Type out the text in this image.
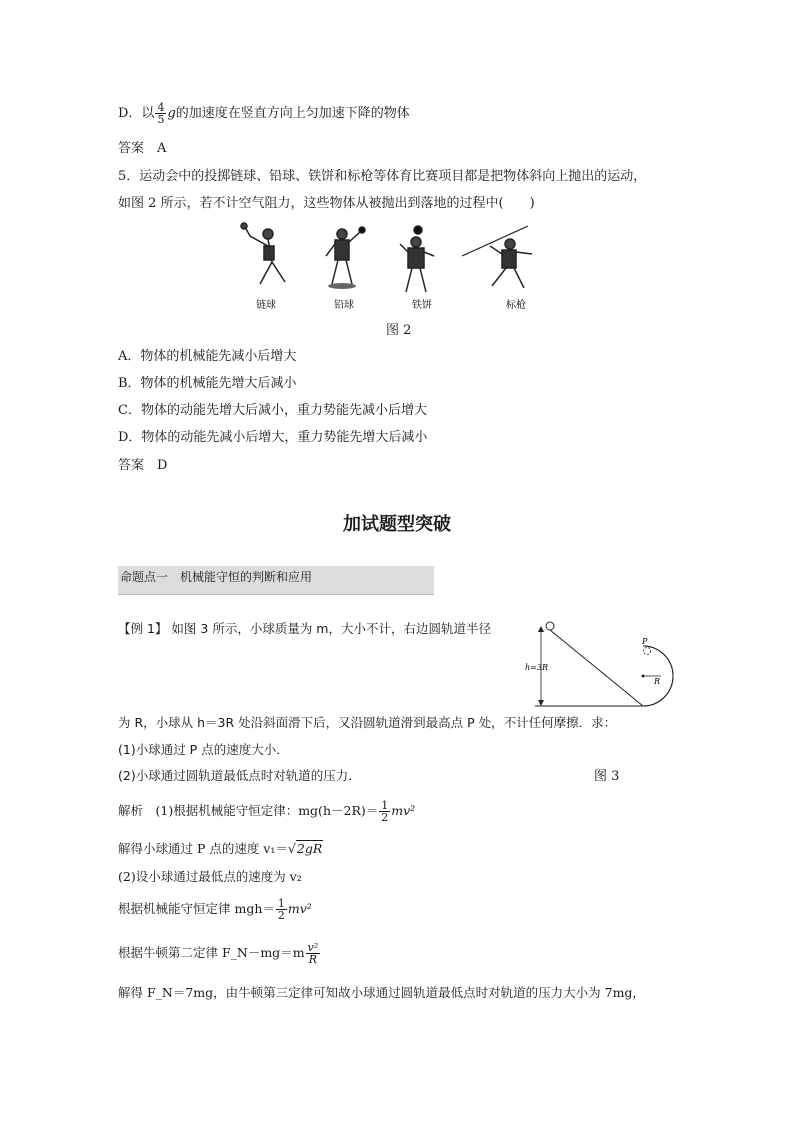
D．以 $\frac{4}{5}$ g的加速度在竖直方向上匀加速下降的物体
答案　A
5．运动会中的投掷链球、铅球、铁饼和标枪等体育比赛项目都是把物体斜向上抛出的运动，
如图 2 所示，若不计空气阻力，这些物体从被抛出到落地的过程中(　　)
链球	铅球	铁饼	标枪
图 2
A．物体的机械能先减小后增大
B．物体的机械能先增大后减小
C．物体的动能先增大后减小，重力势能先减小后增大
D．物体的动能先减小后增大，重力势能先增大后减小
答案　D
加试题型突破
命题点一　机械能守恒的判断和应用
【例 1】 如图 3 所示，小球质量为 m，大小不计，右边圆轨道半径
h=3R
P
R
为 R，小球从 h＝3R 处沿斜面滑下后，又沿圆轨道滑到最高点 P 处，不计任何摩擦．求：
(1)小球通过 P 点的速度大小．
(2)小球通过圆轨道最低点时对轨道的压力．	图 3
解析　(1)根据机械能守恒定律：$mg(h-2R)= \frac{1}{2} mv^2$
解得小球通过 P 点的速度 v₁＝√2gR
(2)设小球通过最低点的速度为 v₂
根据机械能守恒定律 $mgh= \frac{1}{2} mv^2$
根据牛顿第二定律 F_N－mg＝m $\frac{\text{v²}}{R}$
解得 F_N＝7mg，由牛顿第三定律可知故小球通过圆轨道最低点时对轨道的压力大小为 7mg，
